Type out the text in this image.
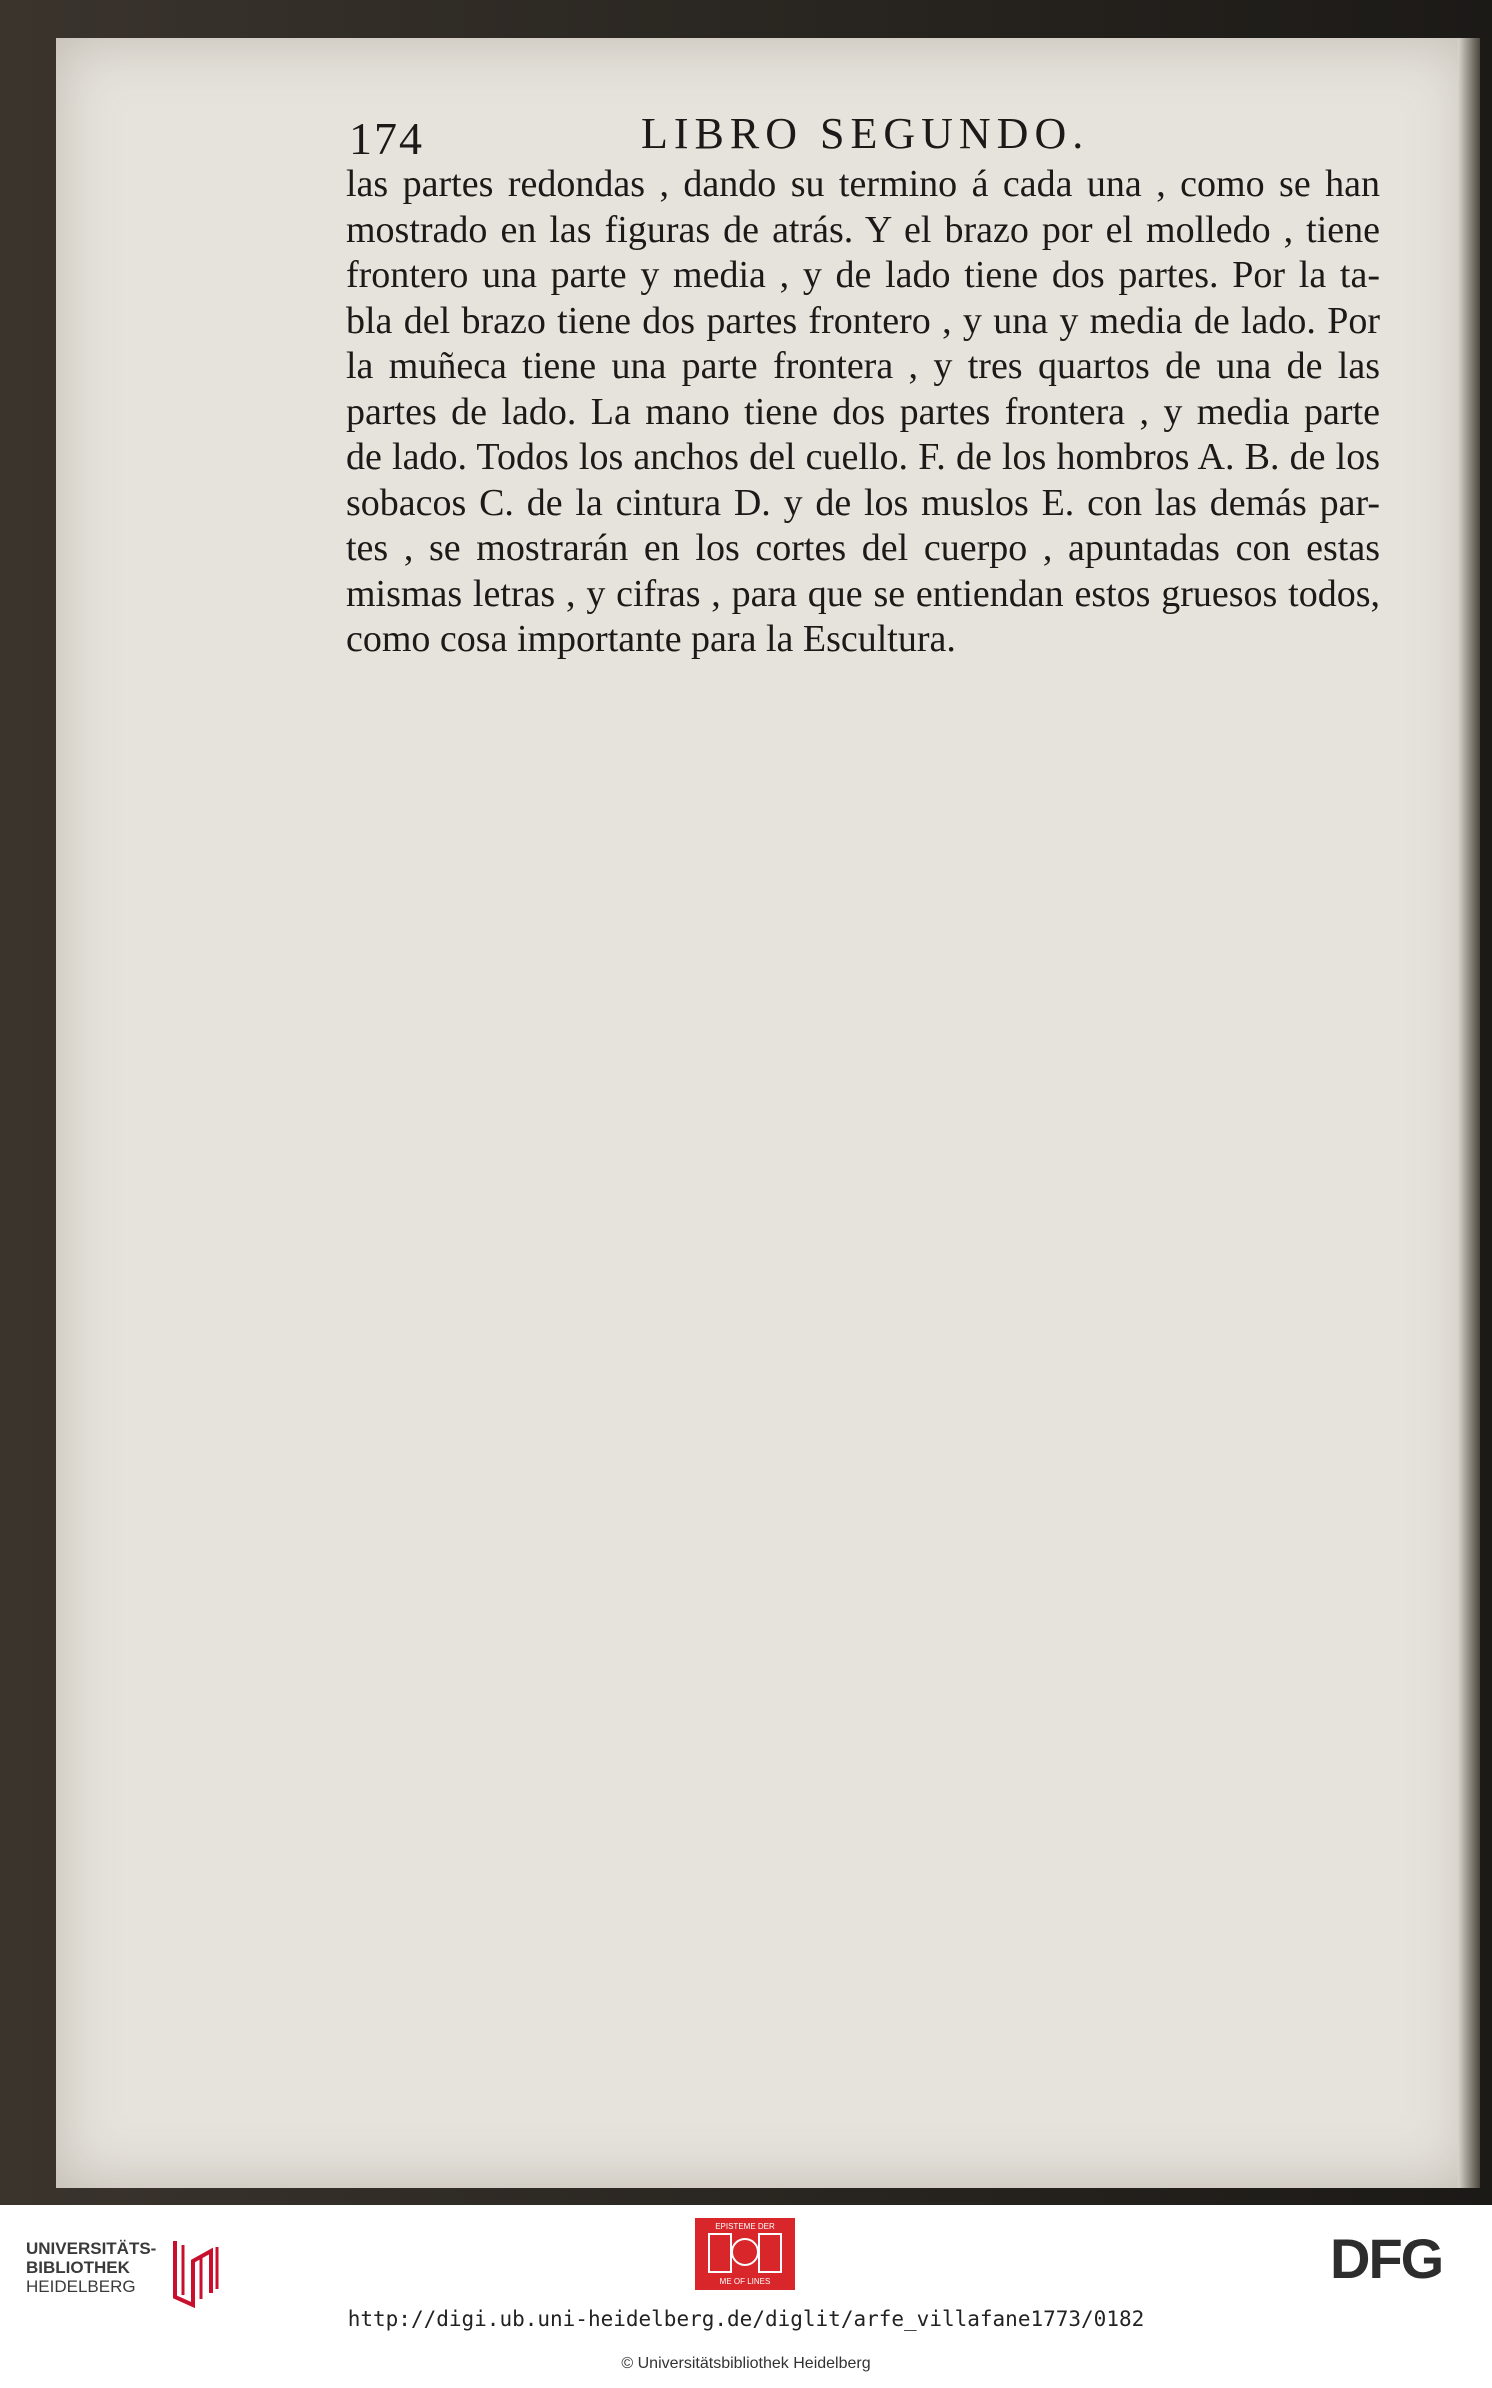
174	LIBRO SEGUNDO.
las partes redondas , dando su termino á cada una , como se han
mostrado en las figuras de atrás. Y el brazo por el molledo , tiene
frontero una parte y media , y de lado tiene dos partes. Por la ta-
bla del brazo tiene dos partes frontero , y una y media de lado. Por
la muñeca tiene una parte frontera , y tres quartos de una de las
partes de lado. La mano tiene dos partes frontera , y media parte
de lado. Todos los anchos del cuello. F. de los hombros A. B. de los
sobacos C. de la cintura D. y de los muslos E. con las demás par-
tes , se mostrarán en los cortes del cuerpo , apuntadas con estas
mismas letras , y cifras , para que se entiendan estos gruesos todos,
como cosa importante para la Escultura.
UNIVERSITÄTS-
BIBLIOTHEK
HEIDELBERG
EPISTEME DER
ME OF LINES	DFG
http://digi.ub.uni-heidelberg.de/diglit/arfe_villafane1773/0182
© Universitätsbibliothek Heidelberg
